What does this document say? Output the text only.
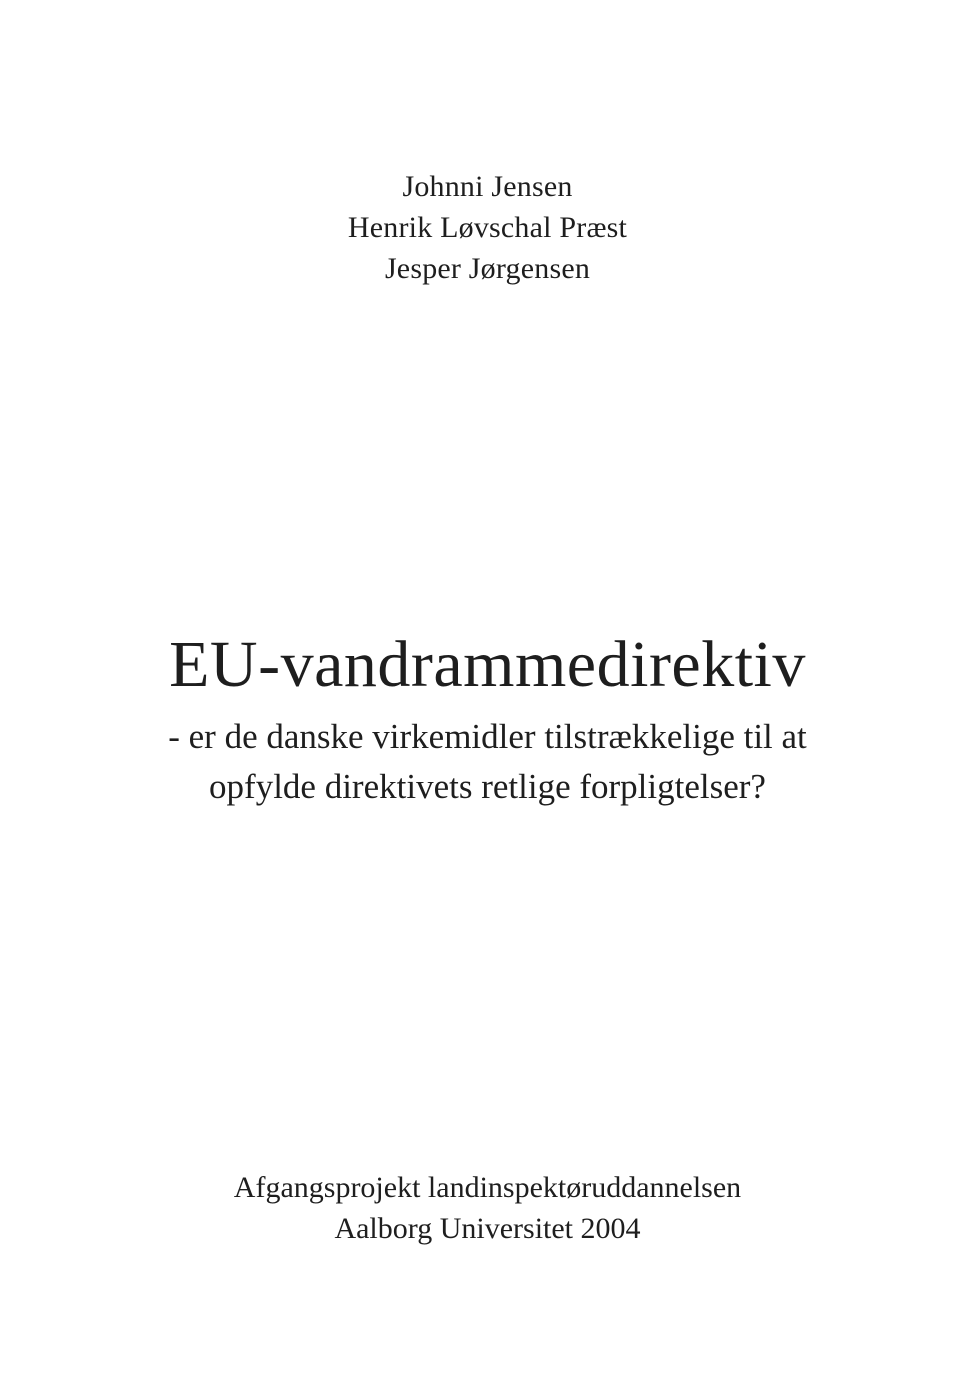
Johnni Jensen
Henrik Løvschal Præst
Jesper Jørgensen
EU-vandrammedirektiv
- er de danske virkemidler tilstrækkelige til at
opfylde direktivets retlige forpligtelser?
Afgangsprojekt landinspektøruddannelsen
Aalborg Universitet 2004
